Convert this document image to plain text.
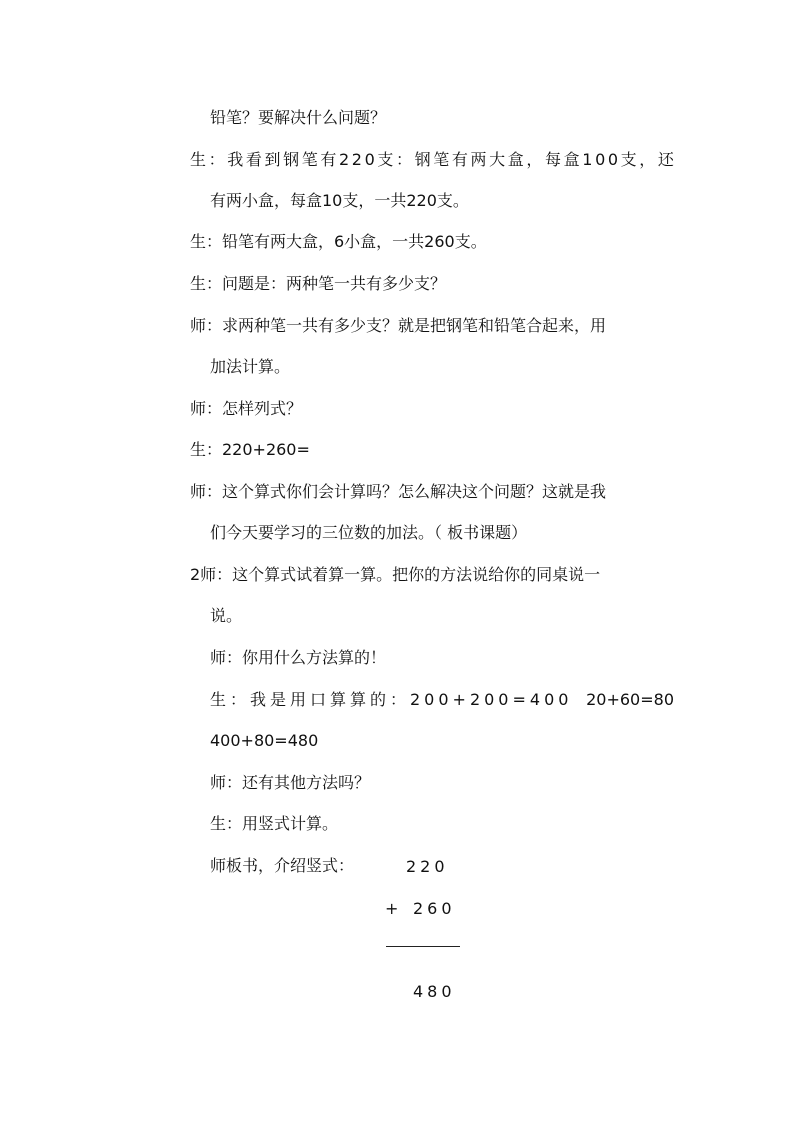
铅笔？要解决什么问题？
生 ： 我 看 到 钢 笔 有 2 2 0 支 ： 钢 笔 有 两 大 盒 ， 每 盒 1 0 0 支 ， 还
有两小盒，每盒10支，一共220支。
生：铅笔有两大盒，6小盒，一共260支。
生：问题是：两种笔一共有多少支？
师：求两种笔一共有多少支？就是把钢笔和铅笔合起来，用
加法计算。
师：怎样列式？
生：220+260=
师：这个算式你们会计算吗？怎么解决这个问题？这就是我
们今天要学习的三位数的加法。（ 板书课题）
2师：这个算式试着算一算。把你的方法说给你的同桌说一
说。
师：你用什么方法算的！
生：我是用口算算的：200+200=400 20+60=80
400+80=480
师：还有其他方法吗？
生：用竖式计算。
师板书，介绍竖式：	220
+ 260
480
